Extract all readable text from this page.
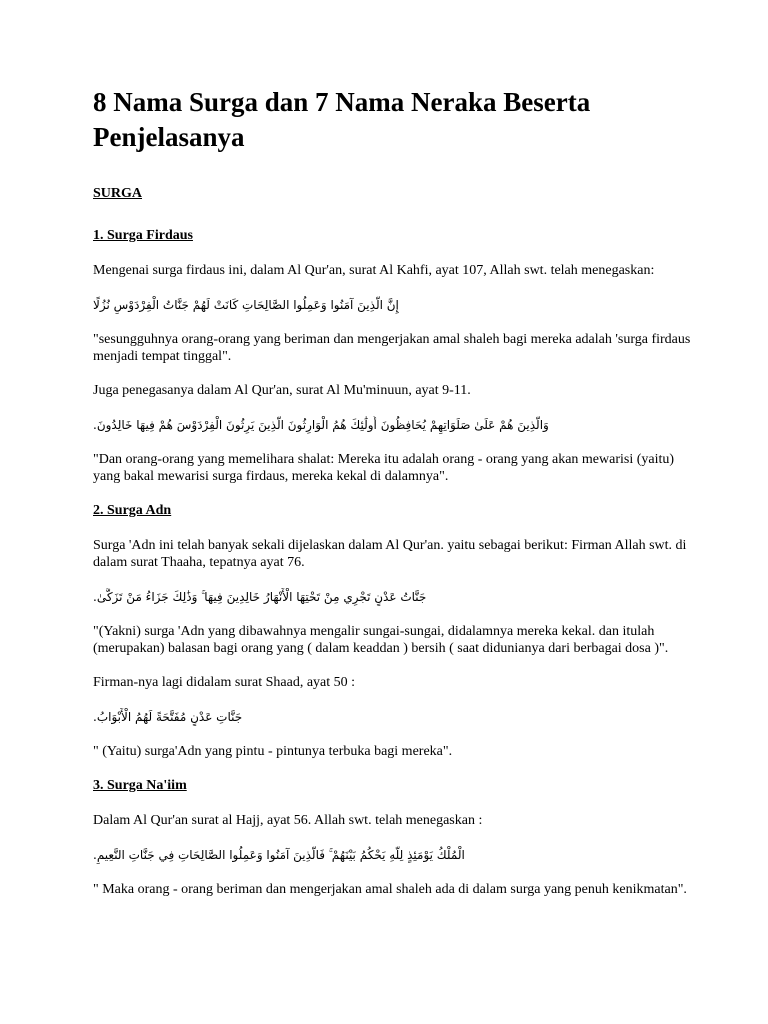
8 Nama Surga dan 7 Nama Neraka Beserta Penjelasanya
SURGA
1. Surga Firdaus

Mengenai surga firdaus ini, dalam Al Qur'an, surat Al Kahfi, ayat 107, Allah swt. telah menegaskan:

إِنَّ الَّذِينَ آمَنُوا وَعَمِلُوا الصَّالِحَاتِ كَانَتْ لَهُمْ جَنَّاتُ الْفِرْدَوْسِ نُزُلًا

"sesungguhnya orang-orang yang beriman dan mengerjakan amal shaleh bagi mereka adalah 'surga firdaus menjadi tempat tinggal".

Juga penegasanya dalam Al Qur'an, surat Al Mu'minuun, ayat 9-11.

وَالَّذِينَ هُمْ عَلَىٰ صَلَوَاتِهِمْ يُحَافِظُونَ أُولَٰئِكَ هُمُ الْوَارِثُونَ الَّذِينَ يَرِثُونَ الْفِرْدَوْسَ هُمْ فِيهَا خَالِدُونَ.

"Dan orang-orang yang memelihara shalat: Mereka itu adalah orang - orang yang akan mewarisi (yaitu) yang bakal mewarisi surga firdaus, mereka kekal di dalamnya".

2. Surga Adn

Surga 'Adn ini telah banyak sekali dijelaskan dalam Al Qur'an. yaitu sebagai berikut: Firman Allah swt. di dalam surat Thaaha, tepatnya ayat 76.

جَنَّاتُ عَدْنٍ تَجْرِي مِنْ تَحْتِهَا الْأَنْهَارُ خَالِدِينَ فِيهَا ۚ وَذَٰلِكَ جَزَاءُ مَنْ تَزَكَّىٰ.

"(Yakni) surga 'Adn yang dibawahnya mengalir sungai-sungai, didalamnya mereka kekal. dan itulah (merupakan) balasan bagi orang yang ( dalam keaddan ) bersih ( saat didunianya dari berbagai dosa )".

Firman-nya lagi didalam surat Shaad, ayat 50 :

جَنَّاتِ عَدْنٍ مُفَتَّحَةً لَهُمُ الْأَبْوَابُ.

" (Yaitu) surga'Adn yang pintu - pintunya terbuka bagi mereka".

3. Surga Na'iim

Dalam Al Qur'an surat al Hajj, ayat 56. Allah swt. telah menegaskan :

الْمُلْكُ يَوْمَئِذٍ لِلَّهِ يَحْكُمُ بَيْنَهُمْ ۚ فَالَّذِينَ آمَنُوا وَعَمِلُوا الصَّالِحَاتِ فِي جَنَّاتِ النَّعِيمِ.

" Maka orang - orang beriman dan mengerjakan amal shaleh ada di dalam surga yang penuh kenikmatan".
